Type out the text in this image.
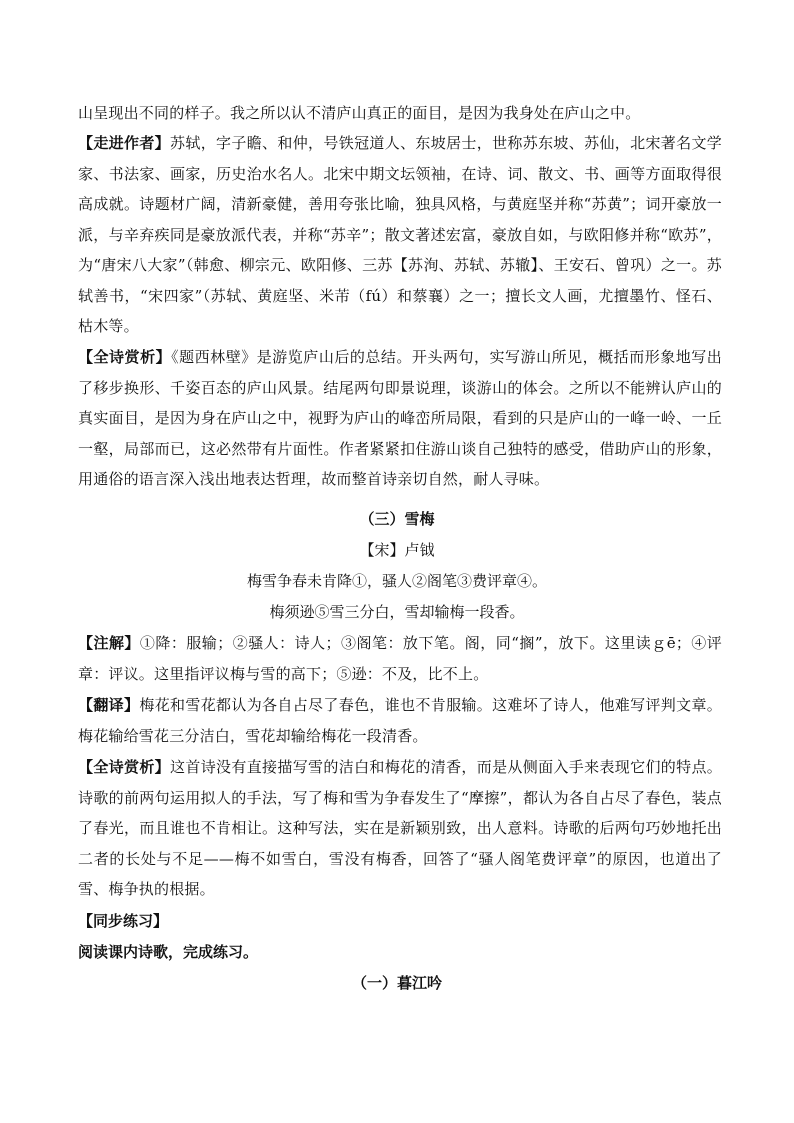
山呈现出不同的样子。我之所以认不清庐山真正的面目，是因为我身处在庐山之中。
【走进作者】苏轼，字子瞻、和仲，号铁冠道人、东坡居士，世称苏东坡、苏仙，北宋著名文学家、书法家、画家，历史治水名人。北宋中期文坛领袖，在诗、词、散文、书、画等方面取得很高成就。诗题材广阔，清新豪健，善用夸张比喻，独具风格，与黄庭坚并称“苏黄”；词开豪放一派，与辛弃疾同是豪放派代表，并称“苏辛”；散文著述宏富，豪放自如，与欧阳修并称“欧苏”，为“唐宋八大家”（韩愈、柳宗元、欧阳修、三苏【苏洵、苏轼、苏辙】、王安石、曾巩）之一。苏轼善书，“宋四家”（苏轼、黄庭坚、米芾（fú）和蔡襄）之一；擅长文人画，尤擅墨竹、怪石、枯木等。
【全诗赏析】《题西林壁》是游览庐山后的总结。开头两句，实写游山所见，概括而形象地写出了移步换形、千姿百态的庐山风景。结尾两句即景说理，谈游山的体会。之所以不能辨认庐山的真实面目，是因为身在庐山之中，视野为庐山的峰峦所局限，看到的只是庐山的一峰一岭、一丘一壑，局部而已，这必然带有片面性。作者紧紧扣住游山谈自己独特的感受，借助庐山的形象，用通俗的语言深入浅出地表达哲理，故而整首诗亲切自然，耐人寻味。
（三）雪梅
【宋】卢钺
梅雪争春未肯降①，骚人②阁笔③费评章④。
梅须逊⑤雪三分白，雪却输梅一段香。
【注解】①降：服输；②骚人：诗人；③阁笔：放下笔。阁，同“搁”，放下。这里读ｇē；④评章：评议。这里指评议梅与雪的高下；⑤逊：不及，比不上。
【翻译】梅花和雪花都认为各自占尽了春色，谁也不肯服输。这难坏了诗人，他难写评判文章。梅花输给雪花三分洁白，雪花却输给梅花一段清香。
【全诗赏析】这首诗没有直接描写雪的洁白和梅花的清香，而是从侧面入手来表现它们的特点。诗歌的前两句运用拟人的手法，写了梅和雪为争春发生了“摩擦”，都认为各自占尽了春色，装点了春光，而且谁也不肯相让。这种写法，实在是新颖别致，出人意料。诗歌的后两句巧妙地托出二者的长处与不足——梅不如雪白，雪没有梅香，回答了“骚人阁笔费评章”的原因，也道出了雪、梅争执的根据。
【同步练习】
阅读课内诗歌，完成练习。
（一）暮江吟
